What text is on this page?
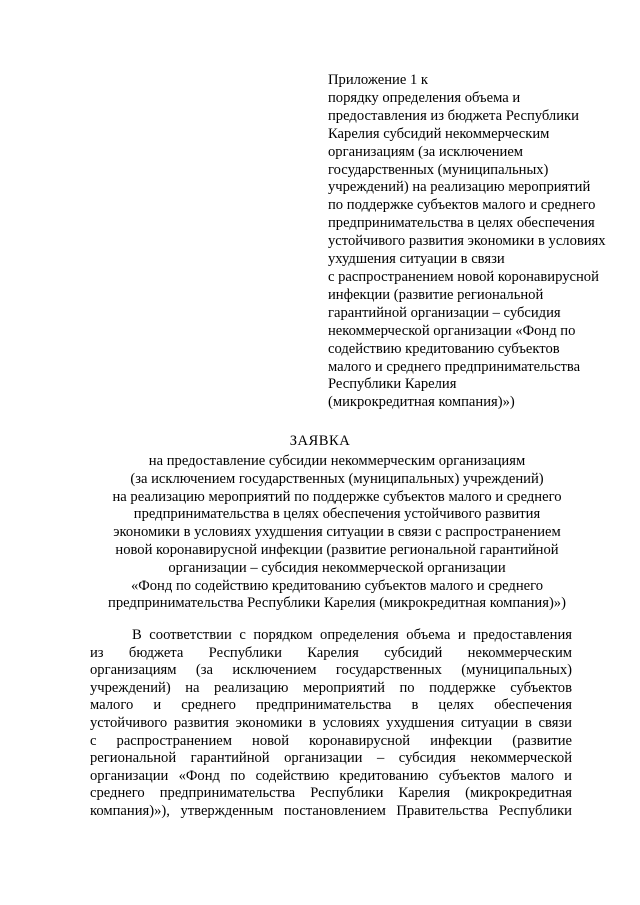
Приложение 1 к
порядку определения объема и
предоставления из бюджета Республики
Карелия субсидий некоммерческим
организациям (за исключением
государственных (муниципальных)
учреждений) на реализацию мероприятий
по поддержке субъектов малого и среднего
предпринимательства в целях обеспечения
устойчивого развития экономики в условиях
ухудшения ситуации в связи
с распространением новой коронавирусной
инфекции (развитие региональной
гарантийной организации – субсидия
некоммерческой организации «Фонд по
содействию кредитованию субъектов
малого и среднего предпринимательства
Республики Карелия
(микрокредитная компания)»)
ЗАЯВКА
на предоставление субсидии некоммерческим организациям
(за исключением государственных (муниципальных) учреждений)
на реализацию мероприятий по поддержке субъектов малого и среднего
предпринимательства в целях обеспечения устойчивого развития
экономики в условиях ухудшения ситуации в связи с распространением
новой коронавирусной инфекции (развитие региональной гарантийной
организации – субсидия некоммерческой организации
«Фонд по содействию кредитованию субъектов малого и среднего
предпринимательства Республики Карелия (микрокредитная компания)»)
В соответствии с порядком определения объема и предоставления
из бюджета Республики Карелия субсидий некоммерческим
организациям (за исключением государственных (муниципальных)
учреждений) на реализацию мероприятий по поддержке субъектов
малого и среднего предпринимательства в целях обеспечения
устойчивого развития экономики в условиях ухудшения ситуации в связи
с распространением новой коронавирусной инфекции (развитие
региональной гарантийной организации – субсидия некоммерческой
организации «Фонд по содействию кредитованию субъектов малого и
среднего предпринимательства Республики Карелия (микрокредитная
компания)»), утвержденным постановлением Правительства Республики
